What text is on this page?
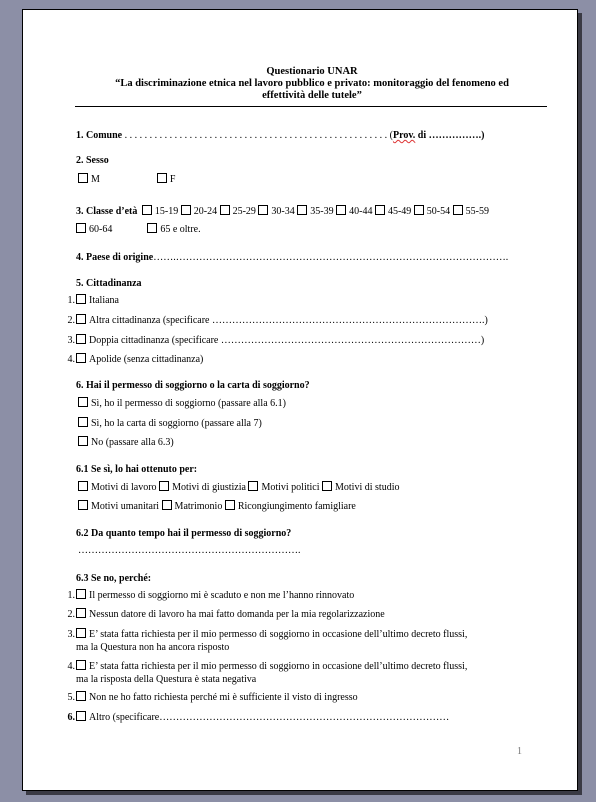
Questionario UNAR
“La discriminazione etnica nel lavoro pubblico e privato: monitoraggio del fenomeno ed
effettività delle tutele”
1. Comune . . . . . . . . . . . . . . . . . . . . . . . . . . . . . . . . . . . . . . . . . . . . . . . . . . . . . (Prov. di …………….)
2. Sesso
M	F
3. Classe d’età 15-19 20-24 25-29 30-34 35-39 40-44 45-49 50-54 55-59
60-64	65 e oltre.
4. Paese di origine…….……………………………………………………………………………………….
5. Cittadinanza
1. Italiana
2. Altra cittadinanza (specificare ……………………………………………………………………….)
3. Doppia cittadinanza (specificare ……………………………………………………………………)
4. Apolide (senza cittadinanza)
6. Hai il permesso di soggiorno o la carta di soggiorno?
Sì, ho il permesso di soggiorno (passare alla 6.1)
Sì, ho la carta di soggiorno (passare alla 7)
No (passare alla 6.3)
6.1 Se sì, lo hai ottenuto per:
Motivi di lavoro Motivi di giustizia Motivi politici Motivi di studio
Motivi umanitari Matrimonio Ricongiungimento famigliare
6.2 Da quanto tempo hai il permesso di soggiorno?
………………………………………………………….
6.3 Se no, perché:
1. Il permesso di soggiorno mi è scaduto e non me l’hanno rinnovato
2. Nessun datore di lavoro ha mai fatto domanda per la mia regolarizzazione
3. E’ stata fatta richiesta per il mio permesso di soggiorno in occasione dell’ultimo decreto flussi,
ma la Questura non ha ancora risposto
4. E’ stata fatta richiesta per il mio permesso di soggiorno in occasione dell’ultimo decreto flussi,
ma la risposta della Questura è stata negativa
5. Non ne ho fatto richiesta perché mi è sufficiente il visto di ingresso
6. Altro (specificare……………………………………………………………………………
1
